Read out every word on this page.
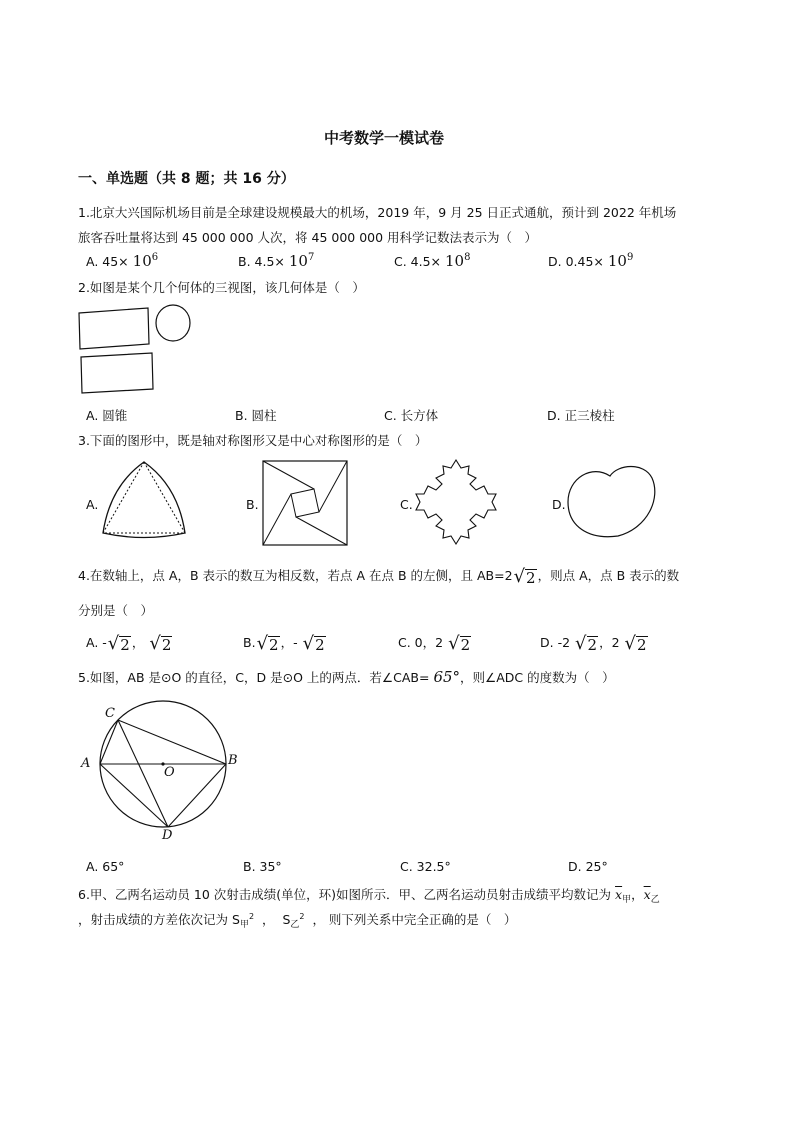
中考数学一模试卷
一、单选题（共 8 题；共 16 分）
1.北京大兴国际机场目前是全球建设规模最大的机场，2019 年，9 月 25 日正式通航，预计到 2022 年机场
旅客吞吐量将达到 45 000 000 人次，将 45 000 000 用科学记数法表示为（　）
A. $45\times 10^6$	B. $4.5\times 10^7$	C. $4.5\times 10^8$	D. $0.45\times 10^9$
2.如图是某个几个何体的三视图，该几何体是（　）
A. 圆锥	B. 圆柱	C. 长方体	D. 正三棱柱
3.下面的图形中，既是轴对称图形又是中心对称图形的是（　）
A.	B.	C.	D.
4.在数轴上，点 A，B 表示的数互为相反数，若点 A 在点 B 的左侧，且 AB=2 √ 2 ，则点 A，点 B 表示的数
分别是（　）
A. - √ 2 ， √ 2	B. √ 2 ，- √ 2	C. 0，2 √ 2	D. -2 √ 2 ，2 √ 2
5.如图，AB 是⊙O 的直径，C，D 是⊙O 上的两点．若∠CAB= 65°，则∠ADC 的度数为（　）
C
A	B
O
D
A. 65°	B. 35°	C. 32.5°	D. 25°
6.甲、乙两名运动员 10 次射击成绩(单位，环)如图所示．甲、乙两名运动员射击成绩平均数记为 $\overline{x}_甲$，$\overline{x}_乙$
，射击成绩的方差依次记为 $S_甲^2$  ，  $S_乙^2$ ， 则下列关系中完全正确的是（　）
